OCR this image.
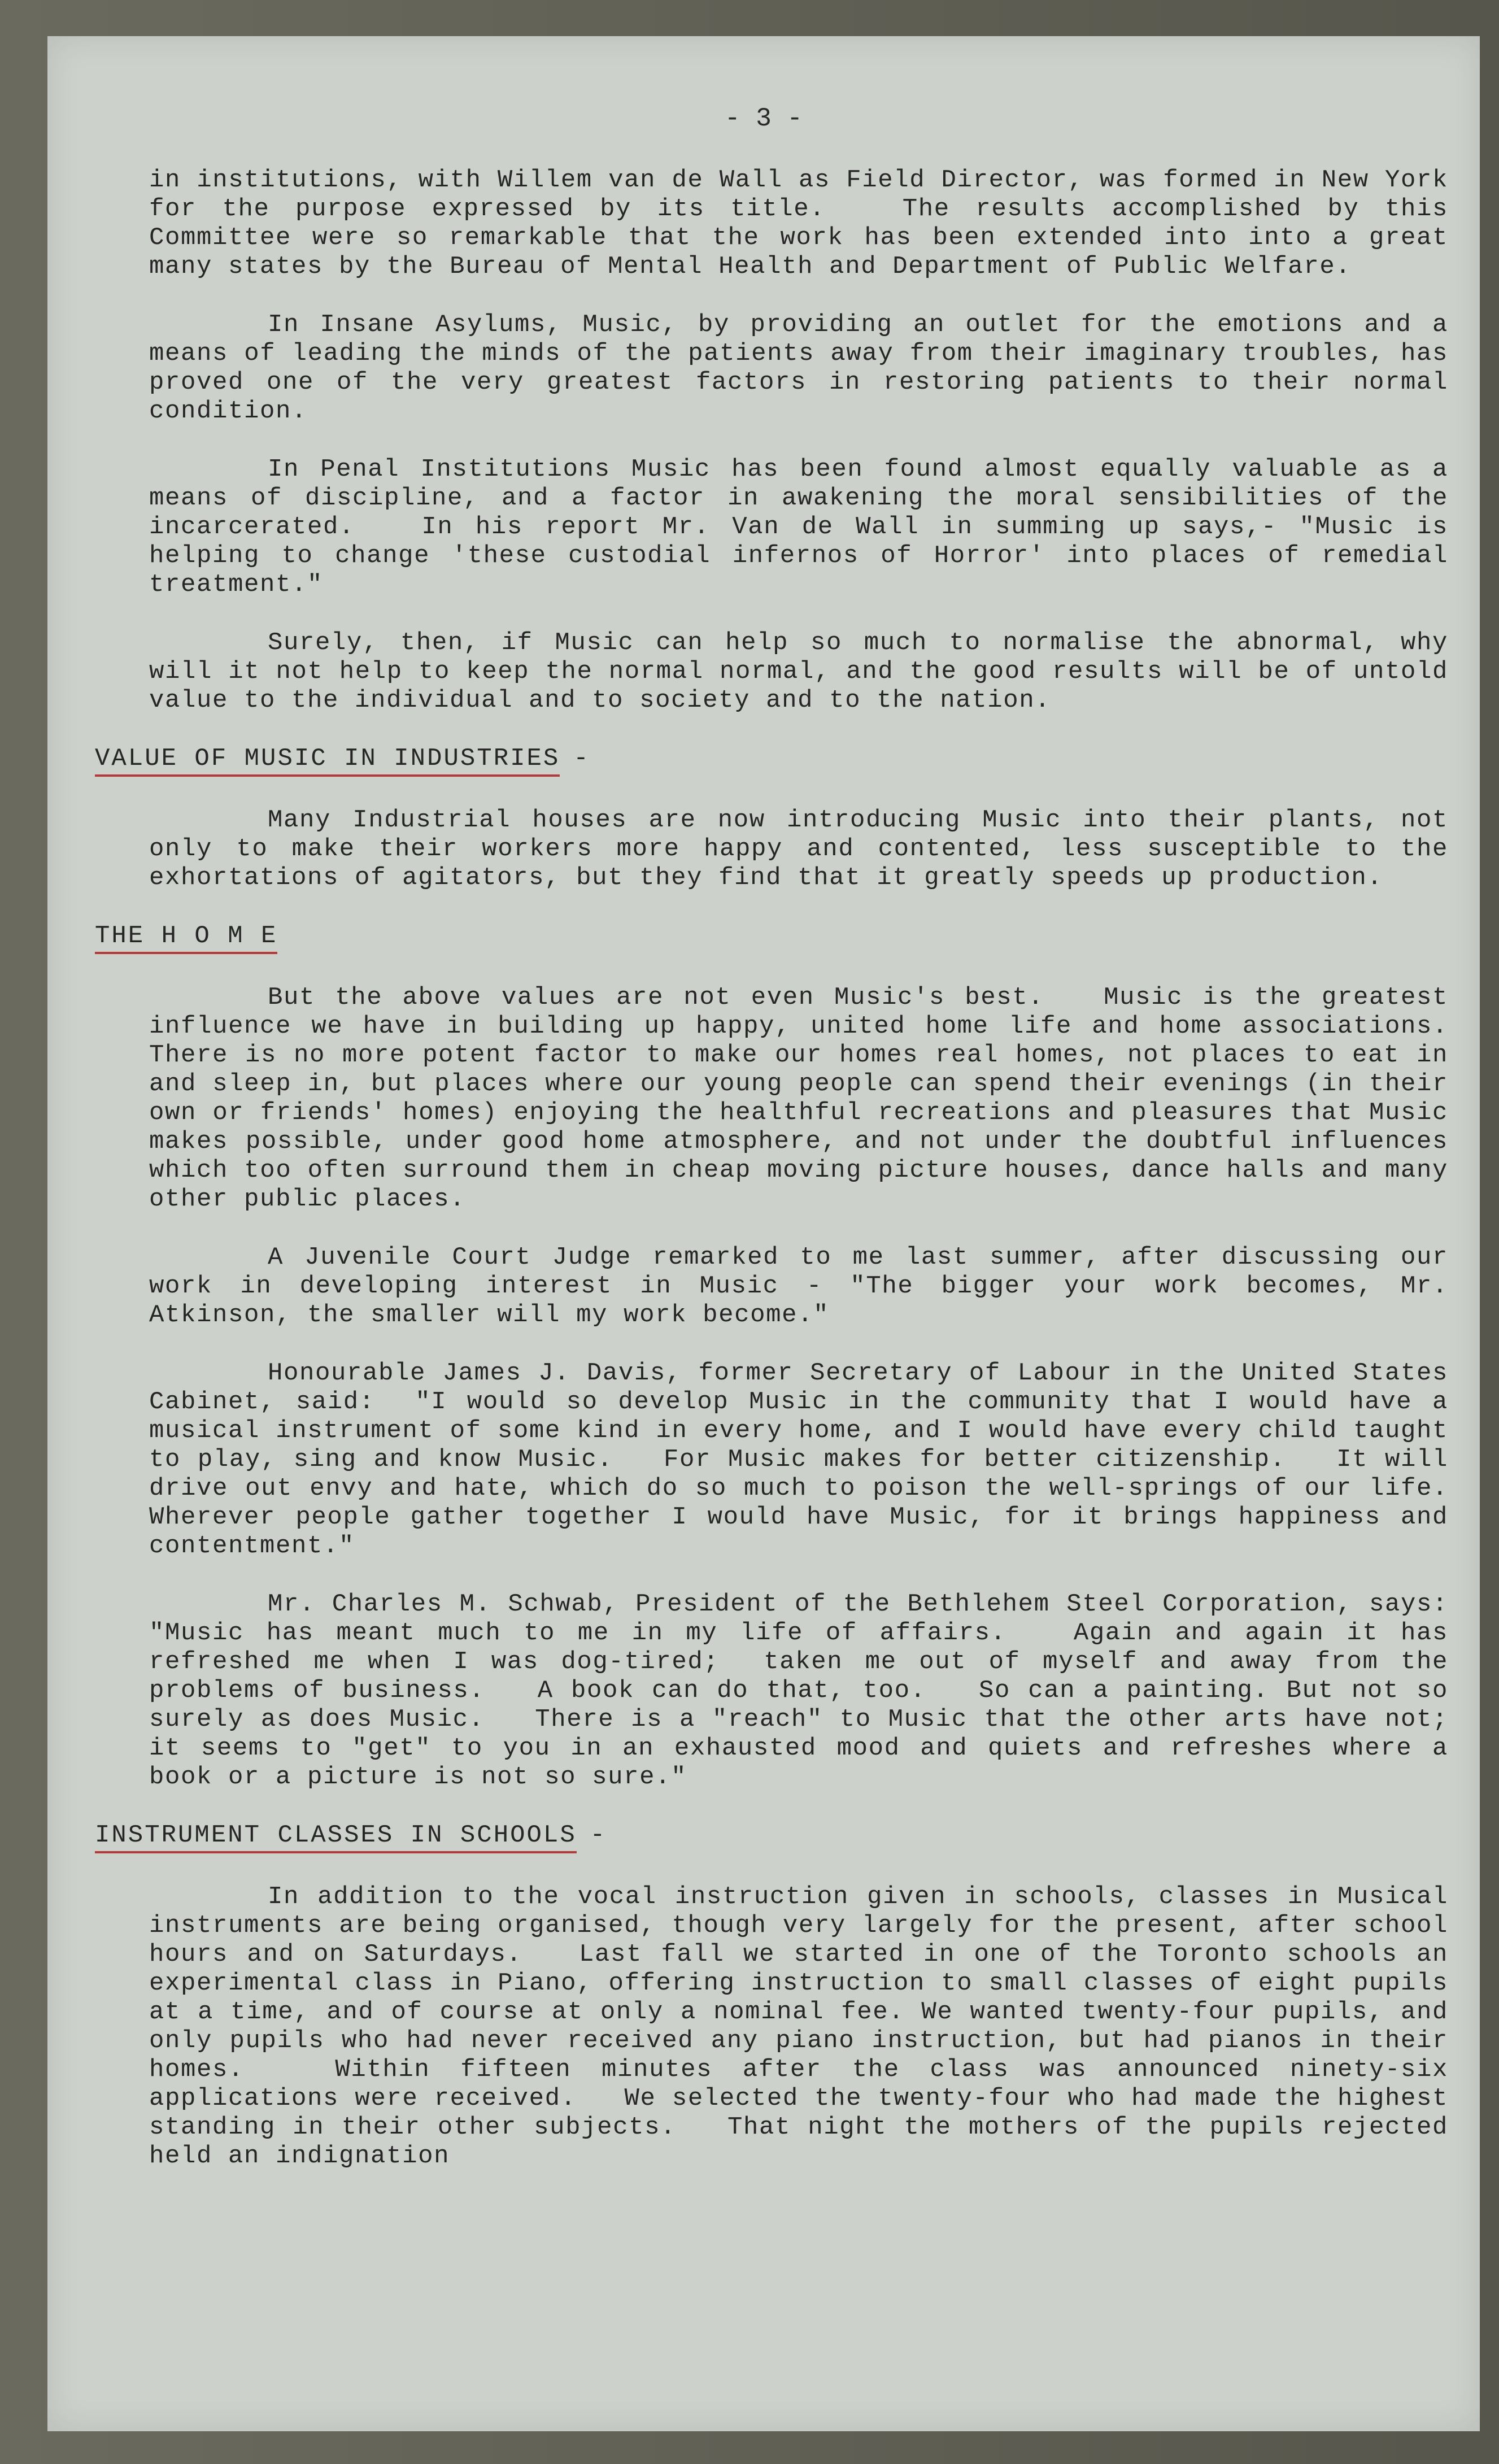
- 3 -

in institutions, with Willem van de Wall as Field Director, was formed in New York for the purpose expressed by its title.   The results accomplished by this Committee were so remarkable that the work has been extended into into a great many states by the Bureau of Mental Health and Department of Public Welfare.

In Insane Asylums, Music, by providing an outlet for the emotions and a means of leading the minds of the patients away from their imaginary troubles, has proved one of the very greatest factors in restoring patients to their normal condition.

In Penal Institutions Music has been found almost equally valuable as a means of discipline, and a factor in awakening the moral sensibilities of the incarcerated.   In his report Mr. Van de Wall in summing up says,- "Music is helping to change 'these custodial infernos of Horror' into places of remedial treatment."

Surely, then, if Music can help so much to normalise the abnormal, why will it not help to keep the normal normal, and the good results will be of untold value to the individual and to society and to the nation.

VALUE OF MUSIC IN INDUSTRIES -

Many Industrial houses are now introducing Music into their plants, not only to make their workers more happy and contented, less susceptible to the exhortations of agitators, but they find that it greatly speeds up production.

THE H O M E

But the above values are not even Music's best.   Music is the greatest influence we have in building up happy, united home life and home associations.   There is no more potent factor to make our homes real homes, not places to eat in and sleep in, but places where our young people can spend their evenings (in their own or friends' homes) enjoying the healthful recreations and pleasures that Music makes possible, under good home atmosphere, and not under the doubtful influences which too often surround them in cheap moving picture houses, dance halls and many other public places.

A Juvenile Court Judge remarked to me last summer, after discussing our work in developing interest in Music - "The bigger your work becomes, Mr. Atkinson, the smaller will my work become."

Honourable James J. Davis, former Secretary of Labour in the United States Cabinet, said:  "I would so develop Music in the community that I would have a musical instrument of some kind in every home, and I would have every child taught to play, sing and know Music.   For Music makes for better citizenship.   It will drive out envy and hate, which do so much to poison the well-springs of our life.   Wherever people gather together I would have Music, for it brings happiness and contentment."

Mr. Charles M. Schwab, President of the Bethlehem Steel Corporation, says:  "Music has meant much to me in my life of affairs.   Again and again it has refreshed me when I was dog-tired;  taken me out of myself and away from the problems of business.   A book can do that, too.   So can a painting. But not so surely as does Music.   There is a "reach" to Music that the other arts have not;  it seems to "get" to you in an exhausted mood and quiets and refreshes where a book or a picture is not so sure."

INSTRUMENT CLASSES IN SCHOOLS -

In addition to the vocal instruction given in schools, classes in Musical instruments are being organised, though very largely for the present, after school hours and on Saturdays.   Last fall we started in one of the Toronto schools an experimental class in Piano, offering instruction to small classes of eight pupils at a time, and of course at only a nominal fee. We wanted twenty-four pupils, and only pupils who had never received any piano instruction, but had pianos in their homes.   Within fifteen minutes after the class was announced ninety-six applications were received.   We selected the twenty-four who had made the highest standing in their other subjects.   That night the mothers of the pupils rejected held an indignation
